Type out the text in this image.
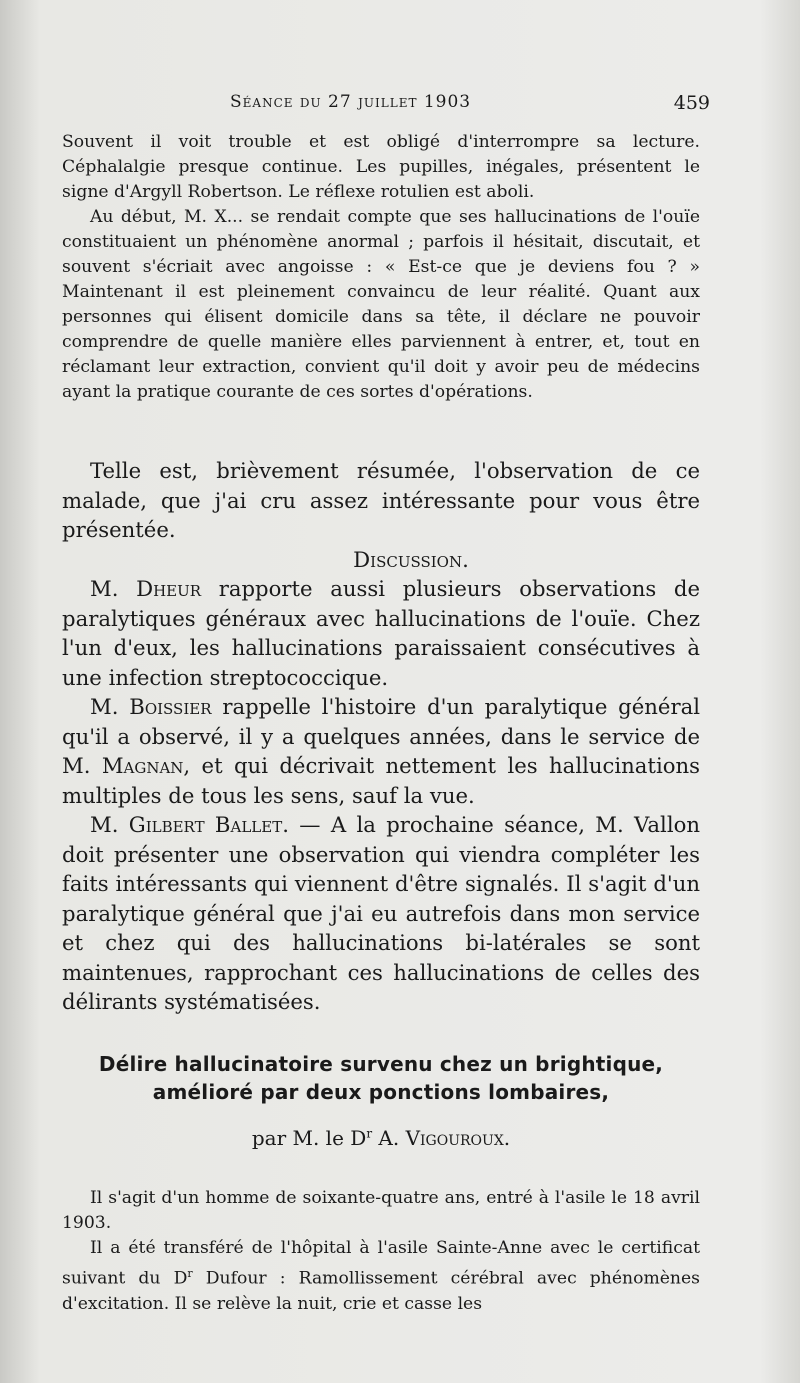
Séance du 27 juillet 1903	459

Souvent il voit trouble et est obligé d'interrompre sa lecture. Céphalalgie presque continue. Les pupilles, inégales, présentent le signe d'Argyll Robertson. Le réflexe rotulien est aboli.

Au début, M. X... se rendait compte que ses hallucinations de l'ouïe constituaient un phénomène anormal ; parfois il hésitait, discutait, et souvent s'écriait avec angoisse : « Est-ce que je deviens fou ? » Maintenant il est pleinement convaincu de leur réalité. Quant aux personnes qui élisent domicile dans sa tête, il déclare ne pouvoir comprendre de quelle manière elles parviennent à entrer, et, tout en réclamant leur extraction, convient qu'il doit y avoir peu de médecins ayant la pratique courante de ces sortes d'opérations.

Telle est, brièvement résumée, l'observation de ce malade, que j'ai cru assez intéressante pour vous être présentée.

Discussion.

M. Dheur rapporte aussi plusieurs observations de paralytiques généraux avec hallucinations de l'ouïe. Chez l'un d'eux, les hallucinations paraissaient consécutives à une infection streptococcique.

M. Boissier rappelle l'histoire d'un paralytique général qu'il a observé, il y a quelques années, dans le service de M. Magnan, et qui décrivait nettement les hallucinations multiples de tous les sens, sauf la vue.

M. Gilbert Ballet. — A la prochaine séance, M. Vallon doit présenter une observation qui viendra compléter les faits intéressants qui viennent d'être signalés. Il s'agit d'un paralytique général que j'ai eu autrefois dans mon service et chez qui des hallucinations bi-latérales se sont maintenues, rapprochant ces hallucinations de celles des délirants systématisées.

Délire hallucinatoire survenu chez un brightique,
amélioré par deux ponctions lombaires,
par M. le $D^r$ A. Vigouroux.

Il s'agit d'un homme de soixante-quatre ans, entré à l'asile le 18 avril 1903.

Il a été transféré de l'hôpital à l'asile Sainte-Anne avec le certificat suivant du $D^r$ Dufour : Ramollissement cérébral avec phénomènes d'excitation. Il se relève la nuit, crie et casse les
